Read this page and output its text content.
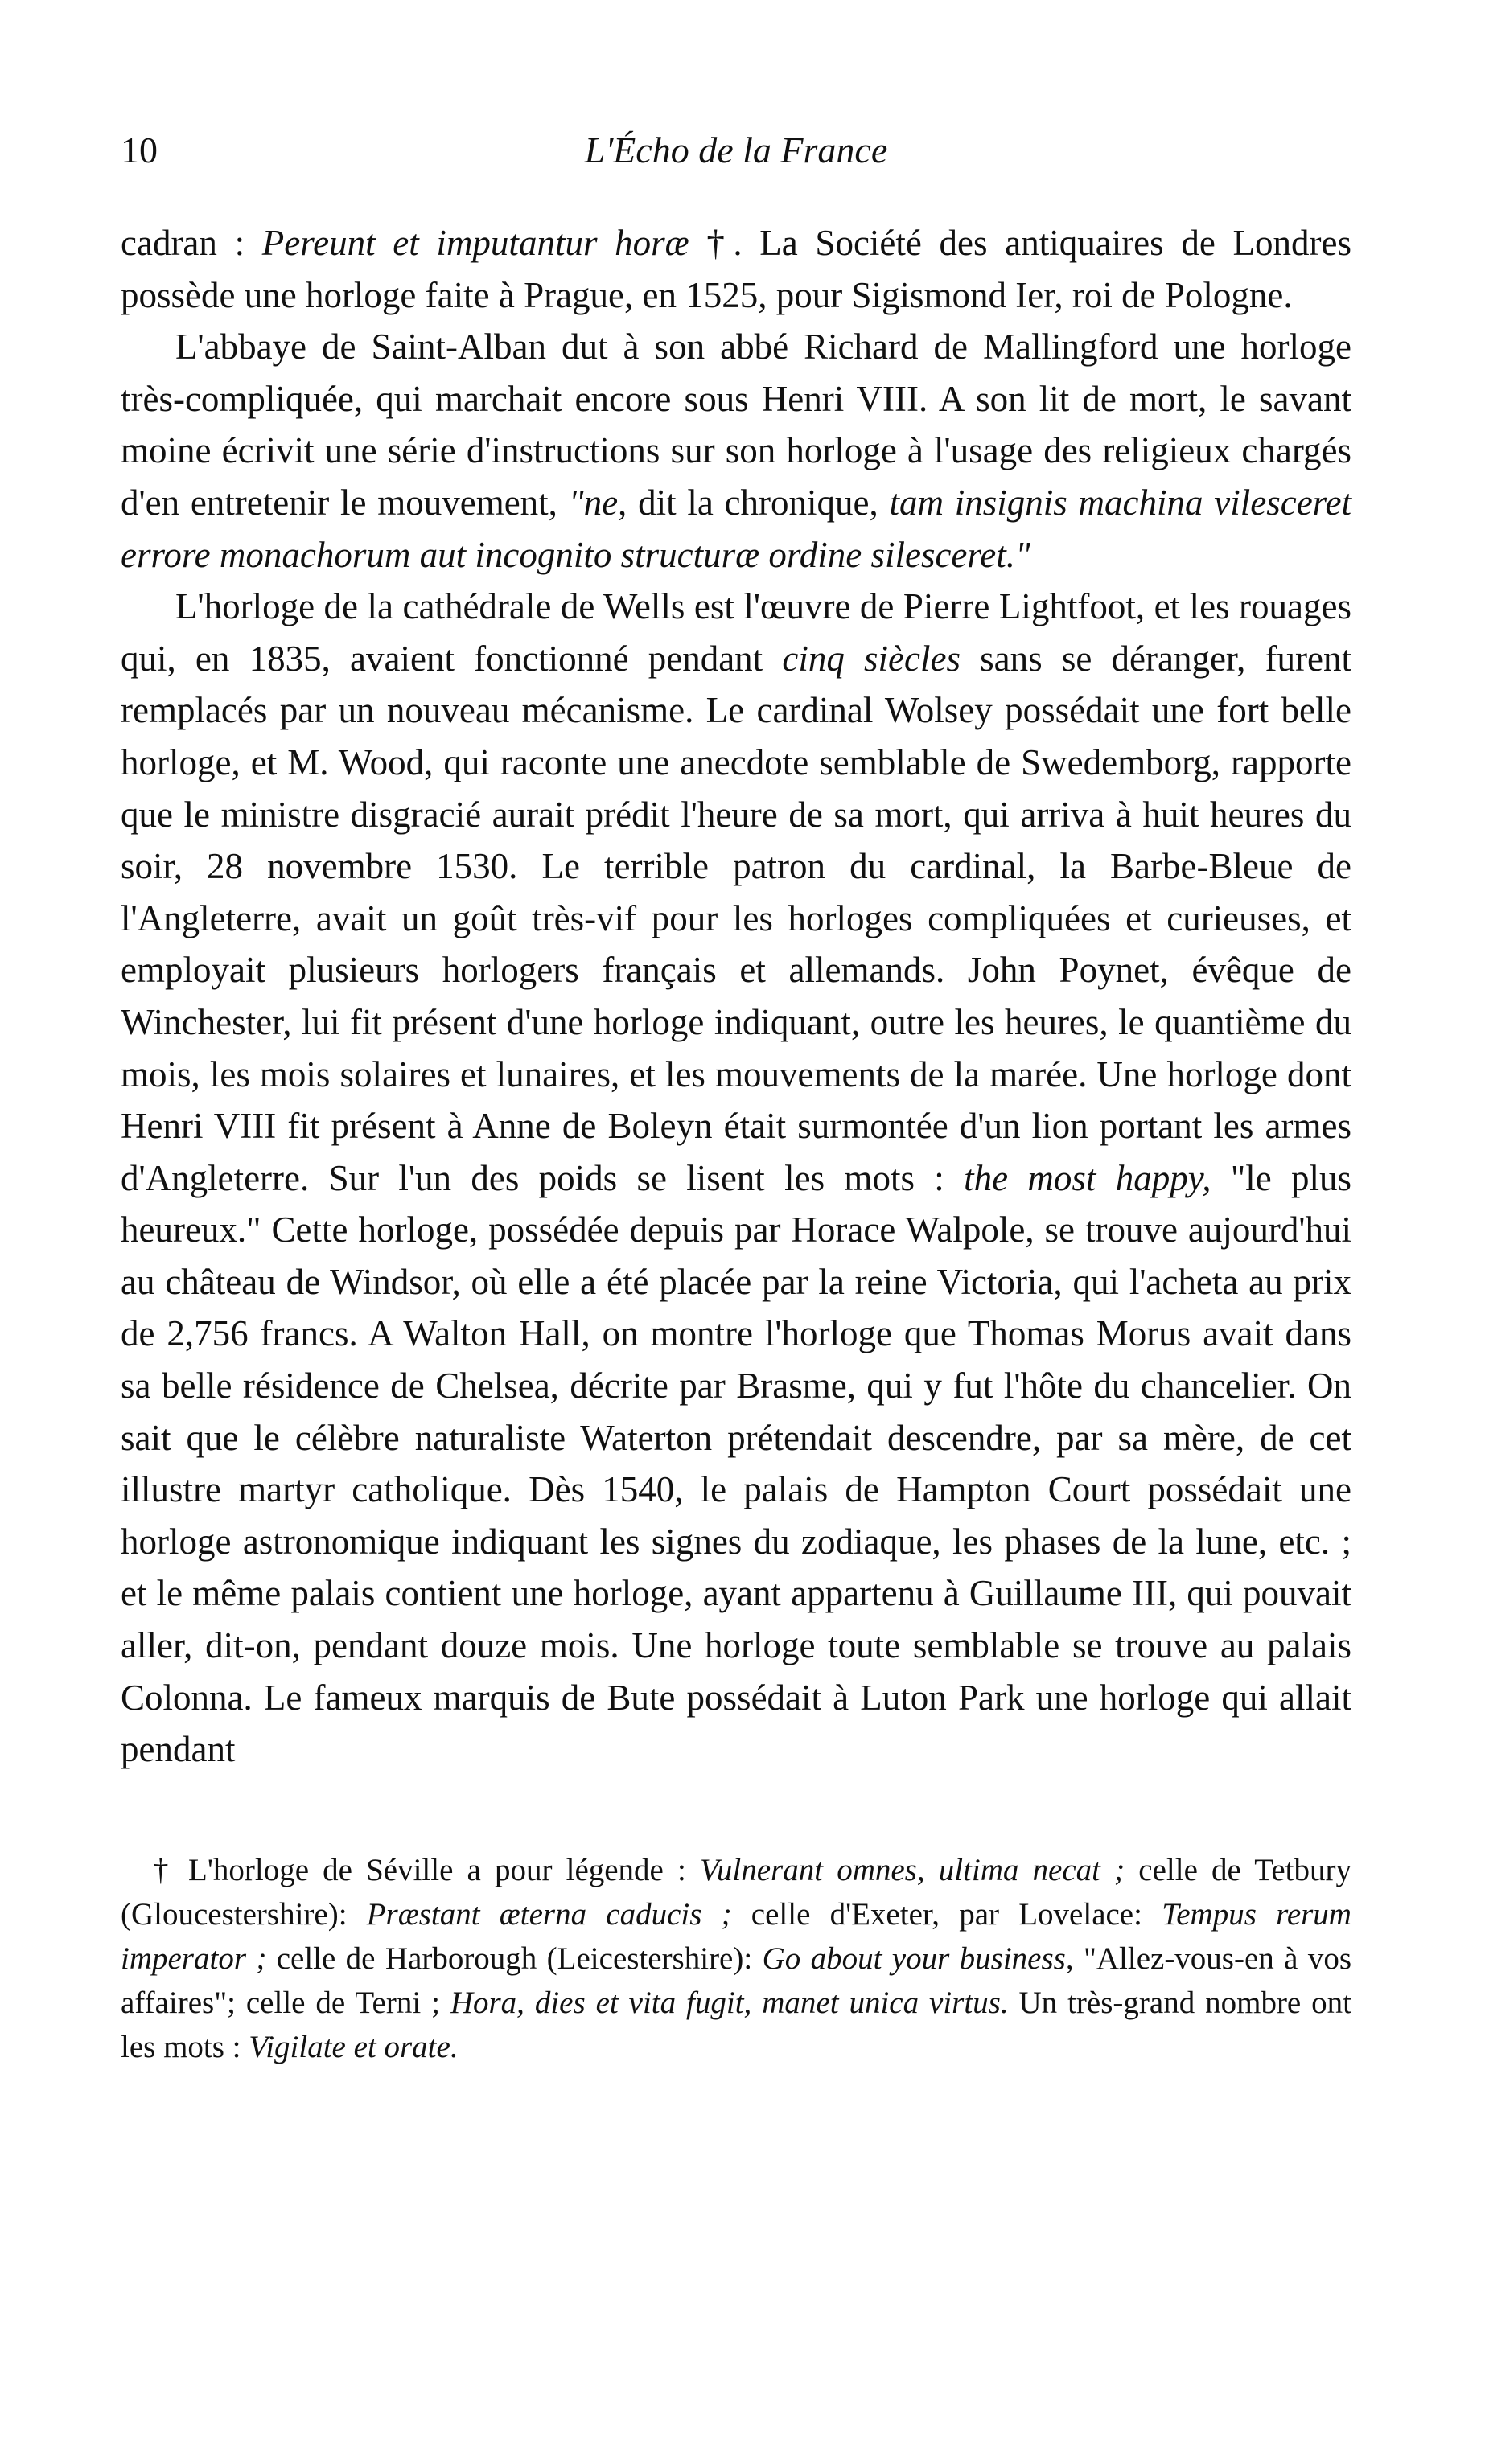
10	L'Écho de la France

cadran : Pereunt et imputantur horæ †. La Société des antiquaires de Londres possède une horloge faite à Prague, en 1525, pour Sigismond Ier, roi de Pologne.

L'abbaye de Saint-Alban dut à son abbé Richard de Mallingford une horloge très-compliquée, qui marchait encore sous Henri VIII. A son lit de mort, le savant moine écrivit une série d'instructions sur son horloge à l'usage des religieux chargés d'en entretenir le mouvement, "ne, dit la chronique, tam insignis machina vilesceret errore monachorum aut incognito structuræ ordine silesceret."

L'horloge de la cathédrale de Wells est l'œuvre de Pierre Lightfoot, et les rouages qui, en 1835, avaient fonctionné pendant cinq siècles sans se déranger, furent remplacés par un nouveau mécanisme. Le cardinal Wolsey possédait une fort belle horloge, et M. Wood, qui raconte une anecdote semblable de Swedemborg, rapporte que le ministre disgracié aurait prédit l'heure de sa mort, qui arriva à huit heures du soir, 28 novembre 1530. Le terrible patron du cardinal, la Barbe-Bleue de l'Angleterre, avait un goût très-vif pour les horloges compliquées et curieuses, et employait plusieurs horlogers français et allemands. John Poynet, évêque de Winchester, lui fit présent d'une horloge indiquant, outre les heures, le quantième du mois, les mois solaires et lunaires, et les mouvements de la marée. Une horloge dont Henri VIII fit présent à Anne de Boleyn était surmontée d'un lion portant les armes d'Angleterre. Sur l'un des poids se lisent les mots : the most happy, "le plus heureux." Cette horloge, possédée depuis par Horace Walpole, se trouve aujourd'hui au château de Windsor, où elle a été placée par la reine Victoria, qui l'acheta au prix de 2,756 francs. A Walton Hall, on montre l'horloge que Thomas Morus avait dans sa belle résidence de Chelsea, décrite par Brasme, qui y fut l'hôte du chancelier. On sait que le célèbre naturaliste Waterton prétendait descendre, par sa mère, de cet illustre martyr catholique. Dès 1540, le palais de Hampton Court possédait une horloge astronomique indiquant les signes du zodiaque, les phases de la lune, etc. ; et le même palais contient une horloge, ayant appartenu à Guillaume III, qui pouvait aller, dit-on, pendant douze mois. Une horloge toute semblable se trouve au palais Colonna. Le fameux marquis de Bute possédait à Luton Park une horloge qui allait pendant

† L'horloge de Séville a pour légende : Vulnerant omnes, ultima necat ; celle de Tetbury (Gloucestershire): Præstant æterna caducis ; celle d'Exeter, par Lovelace: Tempus rerum imperator ; celle de Harborough (Leicestershire): Go about your business, "Allez-vous-en à vos affaires"; celle de Terni ; Hora, dies et vita fugit, manet unica virtus. Un très-grand nombre ont les mots : Vigilate et orate.
